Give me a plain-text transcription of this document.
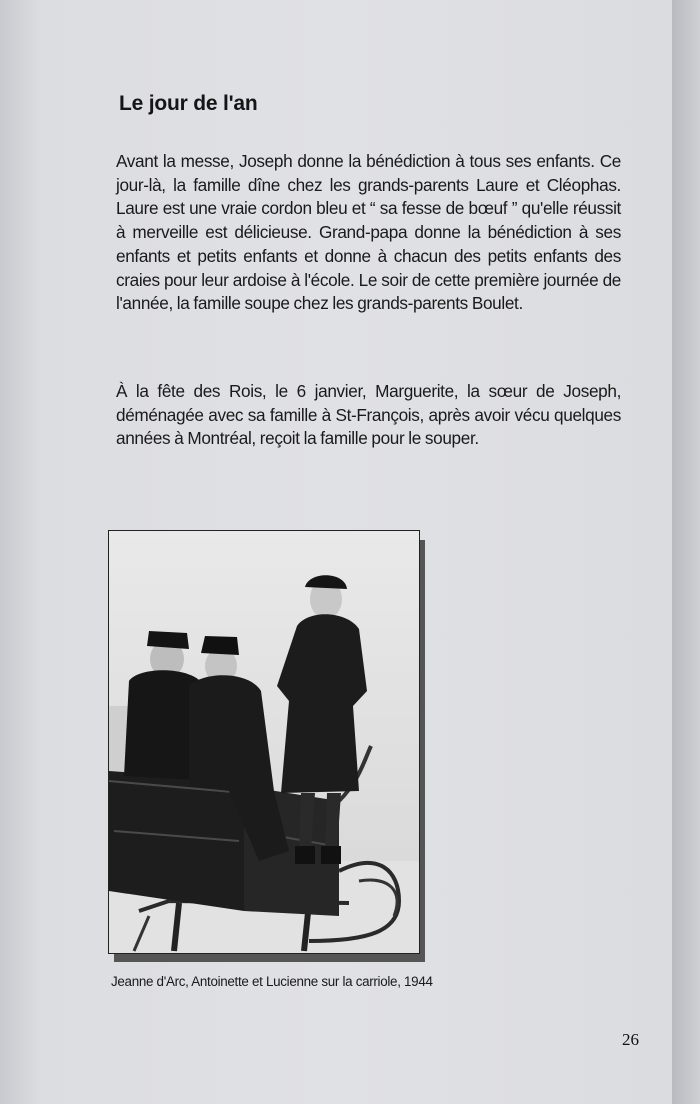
Le jour de l'an
Avant la messe, Joseph donne la bénédiction à tous ses enfants. Ce jour-là, la famille dîne chez les grands-parents Laure et Cléophas. Laure est une vraie cordon bleu et “ sa fesse de bœuf ” qu'elle réussit à merveille est délicieuse. Grand-papa donne la bénédiction à ses enfants et petits enfants et donne à chacun des petits enfants des craies pour leur ardoise à l'école. Le soir de cette première journée de l'année, la famille soupe chez les grands-parents Boulet.
À la fête des Rois, le 6 janvier, Marguerite, la sœur de Joseph, déménagée avec sa famille à St-François, après avoir vécu quelques années à Montréal, reçoit la famille pour le souper.
Jeanne d'Arc, Antoinette et Lucienne sur la carriole, 1944
26
